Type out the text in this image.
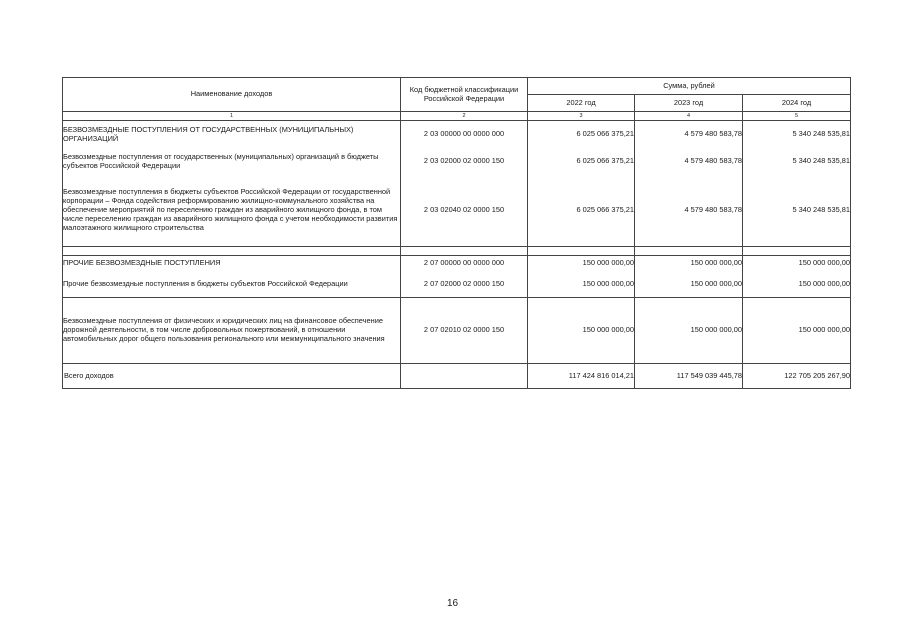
Наименование доходов	Код бюджетной классификации Российской Федерации	Сумма, рублей		
		2022 год	2023 год	2024 год
1	2	3	4	5
БЕЗВОЗМЕЗДНЫЕ ПОСТУПЛЕНИЯ ОТ ГОСУДАРСТВЕННЫХ (МУНИЦИПАЛЬНЫХ) ОРГАНИЗАЦИЙ	2 03 00000 00 0000 000	6 025 066 375,21	4 579 480 583,78	5 340 248 535,81
Безвозмездные поступления от государственных (муниципальных) организаций в бюджеты субъектов Российской Федерации	2 03 02000 02 0000 150	6 025 066 375,21	4 579 480 583,78	5 340 248 535,81
Безвозмездные поступления в бюджеты субъектов Российской Федерации от государственной корпорации – Фонда содействия реформированию жилищно-коммунального хозяйства на обеспечение мероприятий по переселению граждан из аварийного жилищного фонда, в том числе переселению граждан из аварийного жилищного фонда с учетом необходимости развития малоэтажного жилищного строительства	2 03 02040 02 0000 150	6 025 066 375,21	4 579 480 583,78	5 340 248 535,81

ПРОЧИЕ БЕЗВОЗМЕЗДНЫЕ ПОСТУПЛЕНИЯ	2 07 00000 00 0000 000	150 000 000,00	150 000 000,00	150 000 000,00
Прочие безвозмездные поступления в бюджеты субъектов Российской Федерации	2 07 02000 02 0000 150	150 000 000,00	150 000 000,00	150 000 000,00
Безвозмездные поступления от физических и юридических лиц на финансовое обеспечение дорожной деятельности, в том числе добровольных пожертвований, в отношении автомобильных дорог общего пользования регионального или межмуниципального значения	2 07 02010 02 0000 150	150 000 000,00	150 000 000,00	150 000 000,00
Всего доходов		117 424 816 014,21	117 549 039 445,78	122 705 205 267,90
16
